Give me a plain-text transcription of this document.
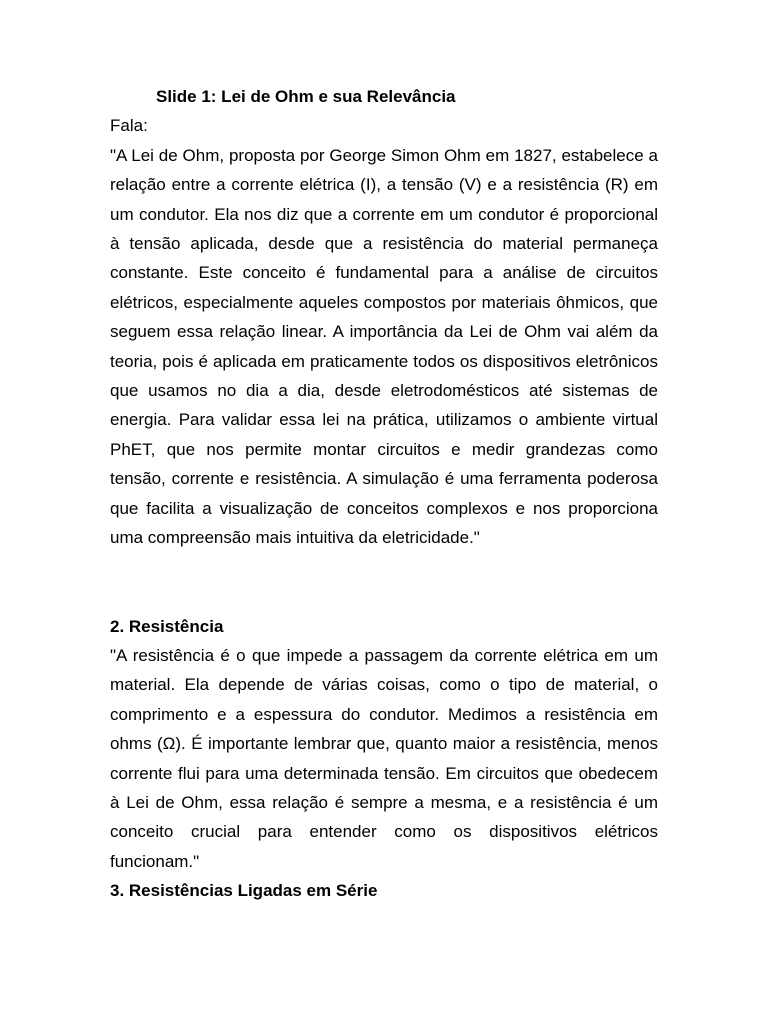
Slide 1: Lei de Ohm e sua Relevância

Fala:

"A Lei de Ohm, proposta por George Simon Ohm em 1827, estabelece a relação entre a corrente elétrica (I), a tensão (V) e a resistência (R) em um condutor. Ela nos diz que a corrente em um condutor é proporcional à tensão aplicada, desde que a resistência do material permaneça constante. Este conceito é fundamental para a análise de circuitos elétricos, especialmente aqueles compostos por materiais ôhmicos, que seguem essa relação linear. A importância da Lei de Ohm vai além da teoria, pois é aplicada em praticamente todos os dispositivos eletrônicos que usamos no dia a dia, desde eletrodomésticos até sistemas de energia. Para validar essa lei na prática, utilizamos o ambiente virtual PhET, que nos permite montar circuitos e medir grandezas como tensão, corrente e resistência. A simulação é uma ferramenta poderosa que facilita a visualização de conceitos complexos e nos proporciona uma compreensão mais intuitiva da eletricidade."

2. Resistência

"A resistência é o que impede a passagem da corrente elétrica em um material. Ela depende de várias coisas, como o tipo de material, o comprimento e a espessura do condutor. Medimos a resistência em ohms (Ω). É importante lembrar que, quanto maior a resistência, menos corrente flui para uma determinada tensão. Em circuitos que obedecem à Lei de Ohm, essa relação é sempre a mesma, e a resistência é um conceito crucial para entender como os dispositivos elétricos funcionam."

3. Resistências Ligadas em Série
